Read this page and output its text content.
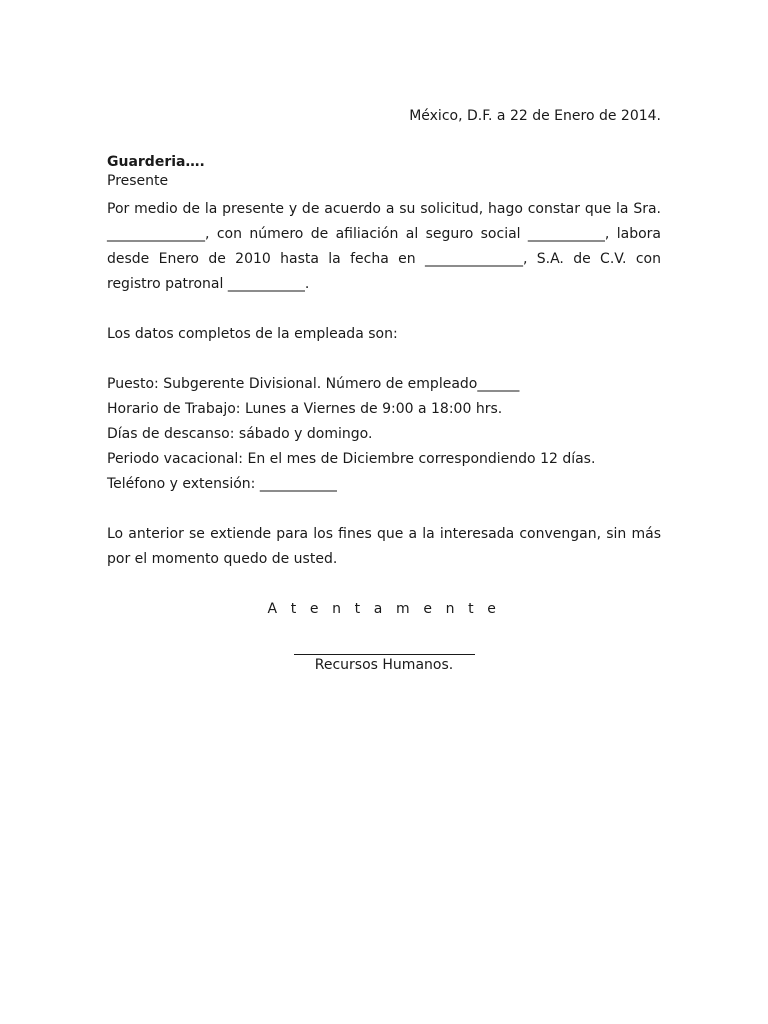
México, D.F. a 22 de Enero de 2014.
Guarderia….
Presente
Por medio de la presente y de acuerdo a su solicitud, hago constar que la Sra.
______________, con número de afiliación al seguro social ___________, labora
desde Enero de 2010 hasta la fecha en ______________, S.A. de C.V. con
registro patronal ___________.
Los datos completos de la empleada son:
Puesto: Subgerente Divisional. Número de empleado______
Horario de Trabajo: Lunes a Viernes de 9:00 a 18:00 hrs.
Días de descanso: sábado y domingo.
Periodo vacacional: En el mes de Diciembre correspondiendo 12 días.
Teléfono y extensión: ___________
Lo anterior se extiende para los fines que a la interesada convengan, sin más
por el momento quedo de usted.
A t e n t a m e n t e
Recursos Humanos.
